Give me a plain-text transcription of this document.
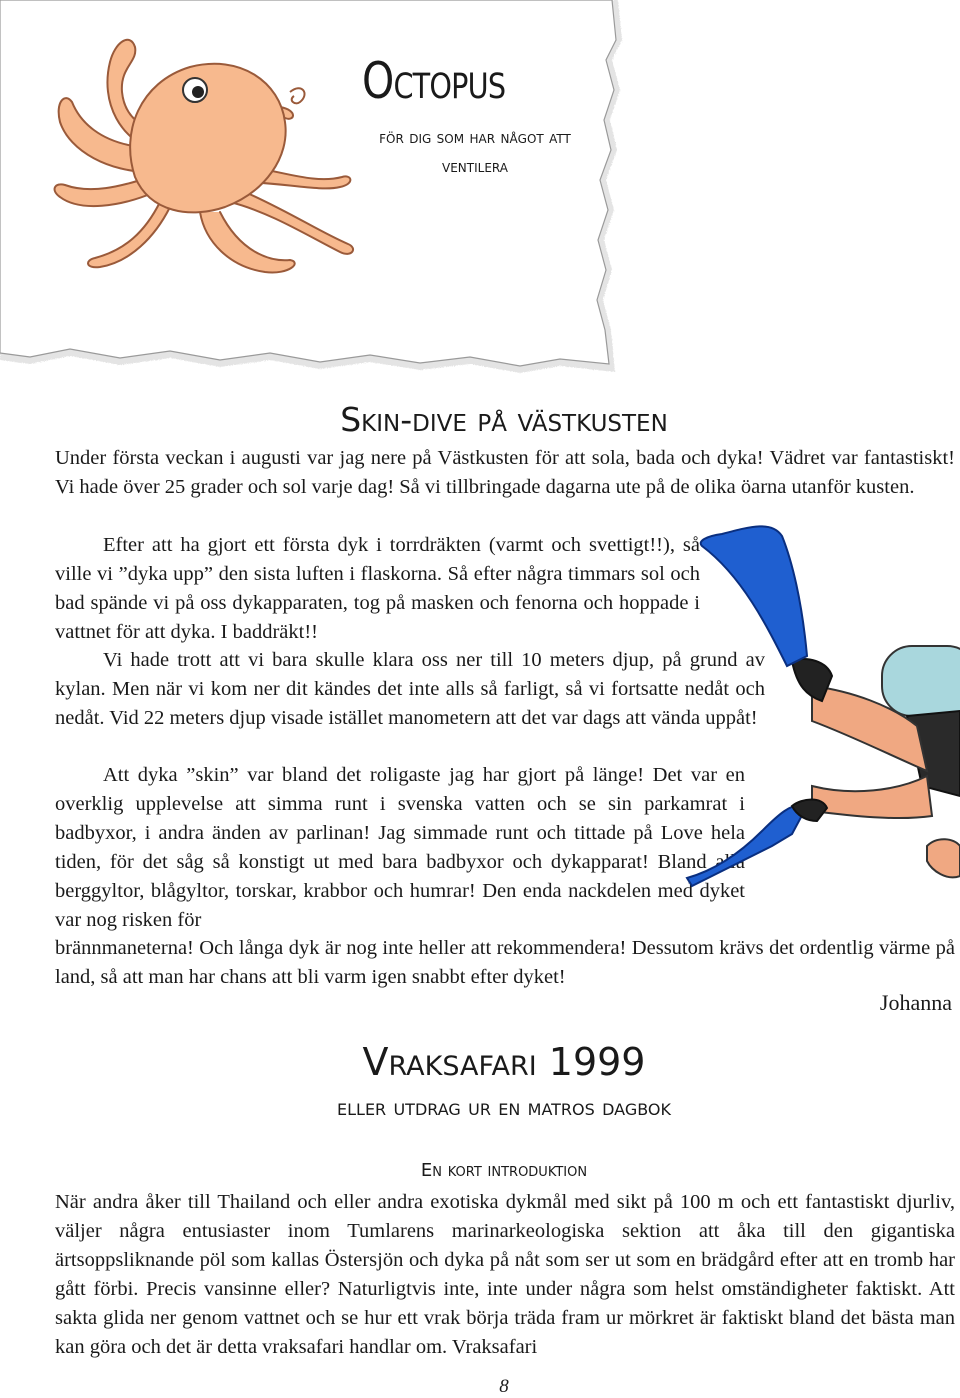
Octopus
för dig som har något att ventilera
Skin-dive på västkusten
Under första veckan i augusti var jag nere på Västkusten för att sola, bada och dyka! Vädret var fantastiskt! Vi hade över 25 grader och sol varje dag! Så vi tillbringade dagarna ute på de olika öarna utanför kusten.
Efter att ha gjort ett första dyk i torrdräkten (varmt och svettigt!!), så ville vi ”dyka upp” den sista luften i flaskorna. Så efter några timmars sol och bad spände vi på oss dykapparaten, tog på masken och fenorna och hoppade i vattnet för att dyka. I baddräkt!!
Vi hade trott att vi bara skulle klara oss ner till 10 meters djup, på grund av kylan. Men när vi kom ner dit kändes det inte alls så farligt, så vi fortsatte nedåt och nedåt. Vid 22 meters djup visade istället manometern att det var dags att vända uppåt!
Att dyka ”skin” var bland det roligaste jag har gjort på länge! Det var en overklig upplevelse att simma runt i svenska vatten och se sin parkamrat i badbyxor, i andra änden av parlinan! Jag simmade runt och tittade på Love hela tiden, för det såg så konstigt ut med bara badbyxor och dykapparat! Bland alla berggyltor, blågyltor, torskar, krabbor och humrar! Den enda nackdelen med dyket var nog risken för
brännmaneterna! Och långa dyk är nog inte heller att rekommendera! Dessutom krävs det ordentlig värme på land, så att man har chans att bli varm igen snabbt efter dyket!
Johanna
Vraksafari 1999
eller utdrag ur en matros dagbok
En kort introduktion
När andra åker till Thailand och eller andra exotiska dykmål med sikt på 100 m och ett fantastiskt djurliv, väljer några entusiaster inom Tumlarens marinarkeologiska sektion att åka till den gigantiska ärtsoppsliknande pöl som kallas Östersjön och dyka på nåt som ser ut som en brädgård efter att en tromb har gått förbi. Precis vansinne eller? Naturligtvis inte, inte under några som helst omständigheter faktiskt. Att sakta glida ner genom vattnet och se hur ett vrak börja träda fram ur mörkret är faktiskt bland det bästa man kan göra och det är detta vraksafari handlar om. Vraksafari
8
